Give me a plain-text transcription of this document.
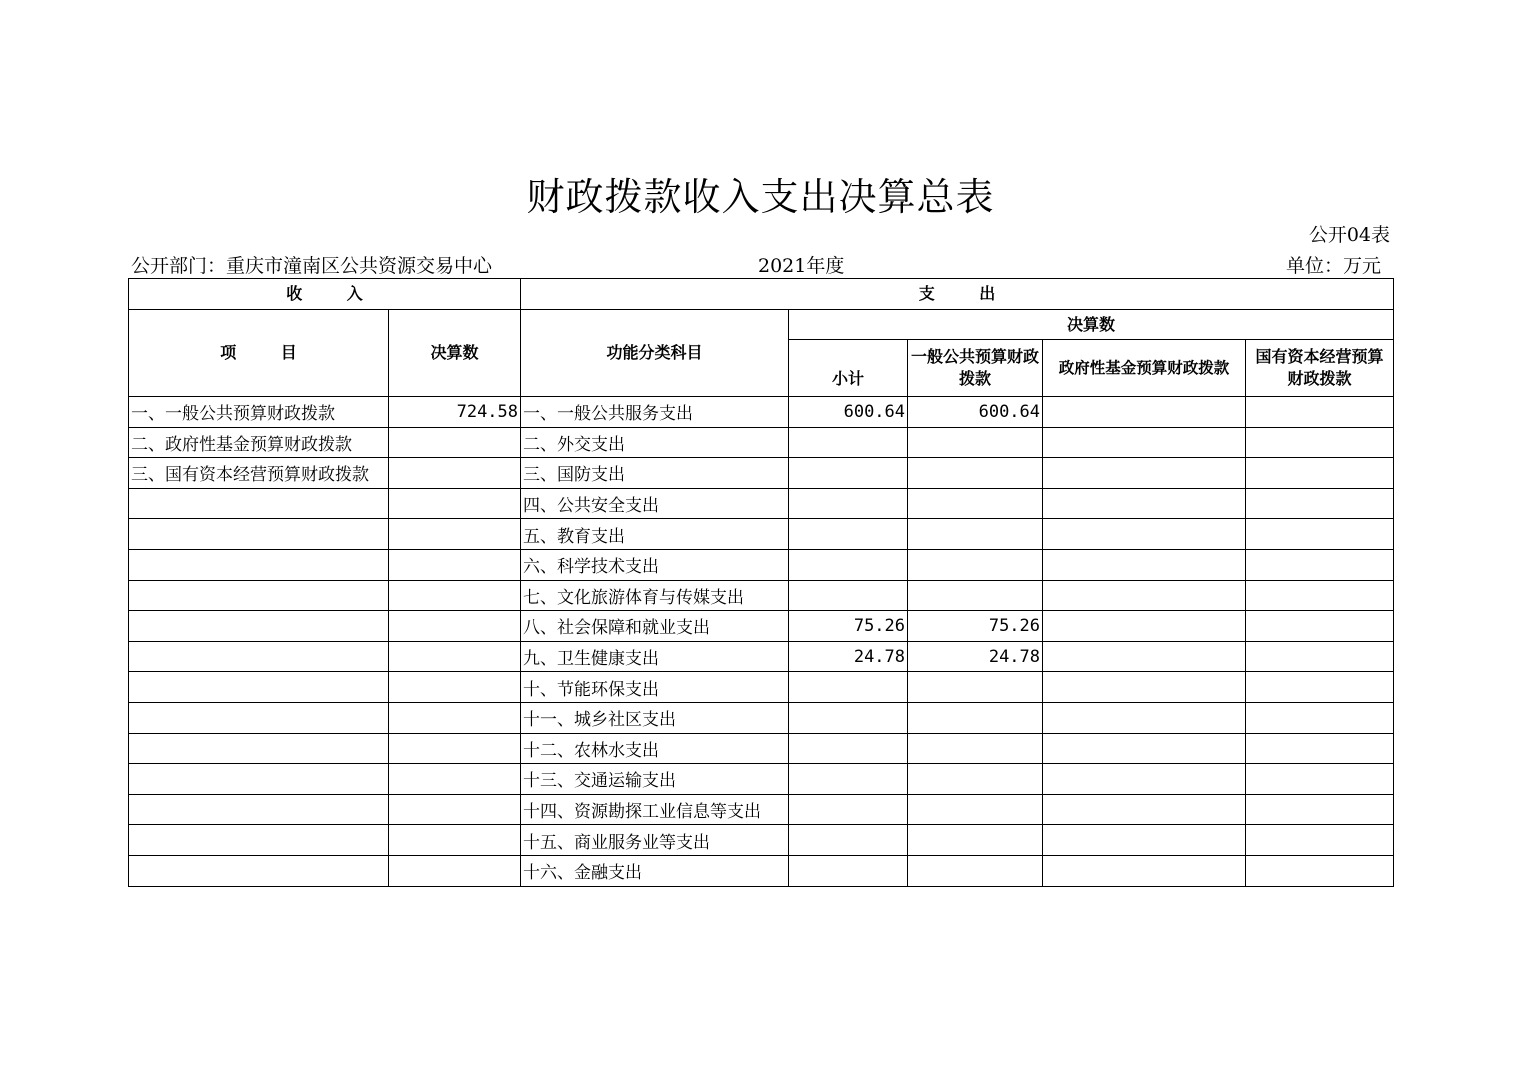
财政拨款收入支出决算总表
公开04表
公开部门：重庆市潼南区公共资源交易中心	2021年度	单位：万元
收        入		支        出				
项        目	决算数	功能分类科目	决算数			
			小计	一般公共预算财政拨款	政府性基金预算财政拨款	国有资本经营预算财政拨款
一、一般公共预算财政拨款	724.58	一、一般公共服务支出	600.64	600.64		
二、政府性基金预算财政拨款		二、外交支出				
三、国有资本经营预算财政拨款		三、国防支出				
		四、公共安全支出				
		五、教育支出				
		六、科学技术支出				
		七、文化旅游体育与传媒支出				
		八、社会保障和就业支出	75.26	75.26		
		九、卫生健康支出	24.78	24.78		
		十、节能环保支出				
		十一、城乡社区支出				
		十二、农林水支出				
		十三、交通运输支出				
		十四、资源勘探工业信息等支出				
		十五、商业服务业等支出				
		十六、金融支出				
